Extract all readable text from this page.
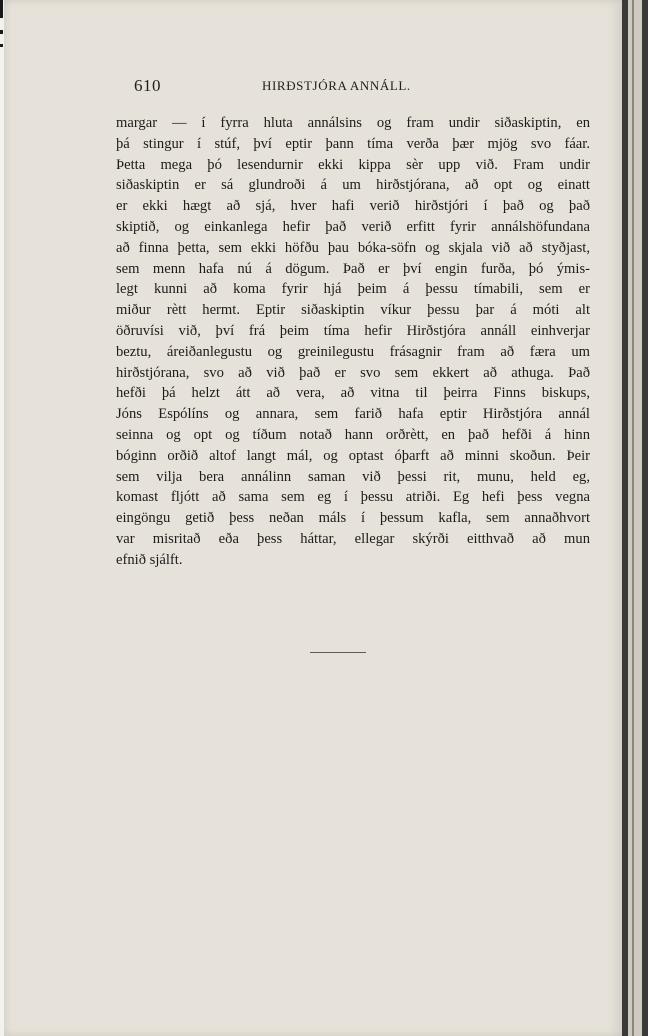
610	HIRÐSTJÓRA ANNÁLL.

margar — í fyrra hluta annálsins og fram undir siðaskiptin, en
þá stingur í stúf, því eptir þann tíma verða þær mjög svo fáar.
Þetta mega þó lesendurnir ekki kippa sèr upp við. Fram undir
siðaskiptin er sá glundroði á um hirðstjórana, að opt og einatt
er ekki hægt að sjá, hver hafi verið hirðstjóri í það og það
skiptið, og einkanlega hefir það verið erfitt fyrir annálshöfundana
að finna þetta, sem ekki höfðu þau bóka-söfn og skjala við að styðjast,
sem menn hafa nú á dögum. Það er því engin furða, þó ýmis-
legt kunni að koma fyrir hjá þeim á þessu tímabili, sem er
miður rètt hermt. Eptir siðaskiptin víkur þessu þar á móti alt
öðruvísi við, því frá þeim tíma hefir Hirðstjóra annáll einhverjar
beztu, áreiðanlegustu og greinilegustu frásagnir fram að færa um
hirðstjórana, svo að við það er svo sem ekkert að athuga. Það
hefði þá helzt átt að vera, að vitna til þeirra Finns biskups,
Jóns Espólíns og annara, sem farið hafa eptir Hirðstjóra annál
seinna og opt og tíðum notað hann orðrètt, en það hefði á hinn
bóginn orðið altof langt mál, og optast óþarft að minni skoðun. Þeir
sem vilja bera annálinn saman við þessi rit, munu, held eg,
komast fljótt að sama sem eg í þessu atriði. Eg hefi þess vegna
eingöngu getið þess neðan máls í þessum kafla, sem annaðhvort
var misritað eða þess háttar, ellegar skýrði eitthvað að mun
efnið sjálft.
